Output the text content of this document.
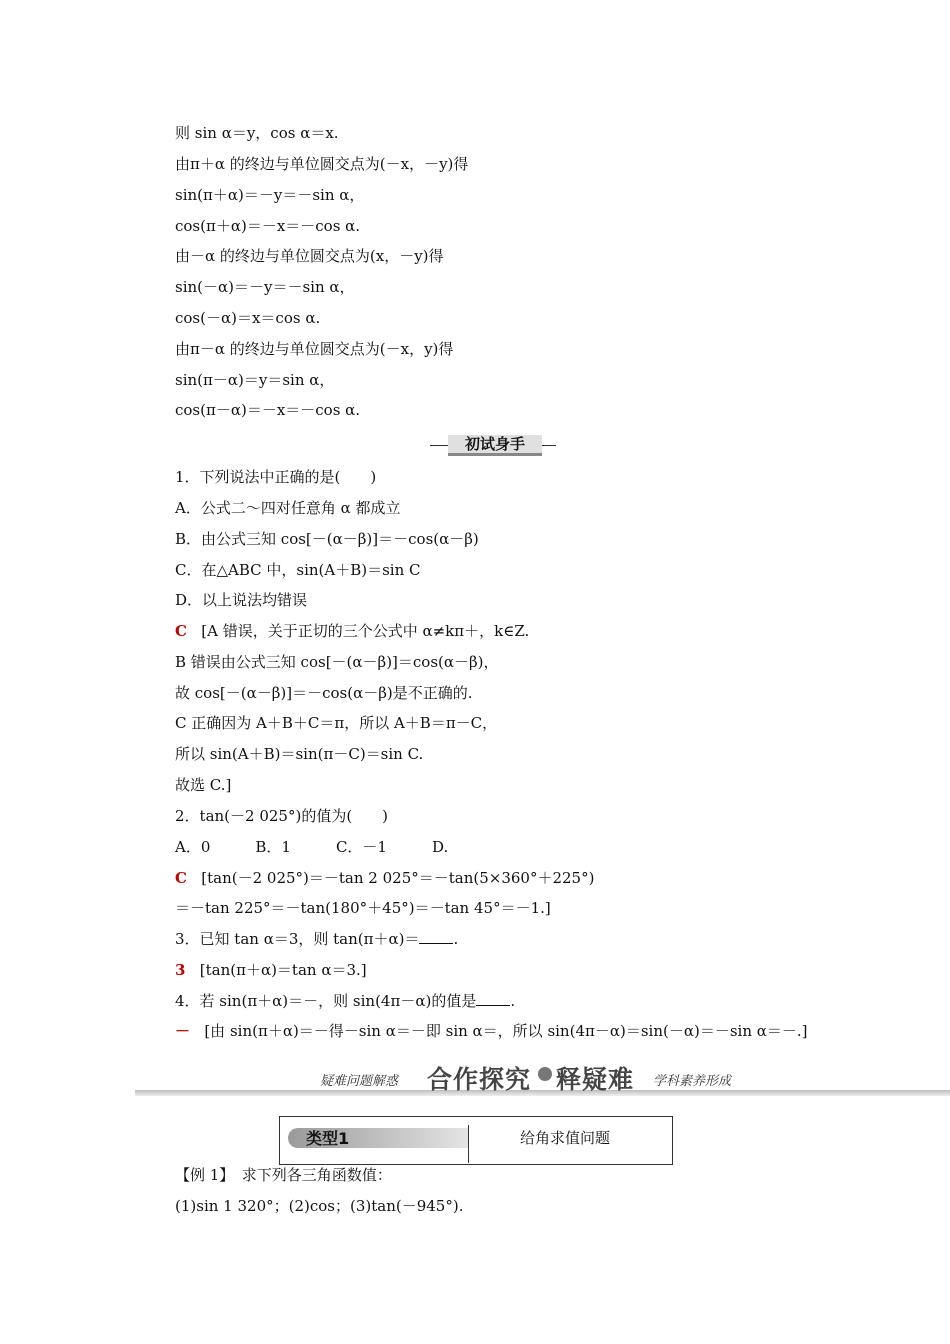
则 sin α＝y，cos α＝x.
由π＋α 的终边与单位圆交点为(－x，－y)得
sin(π＋α)＝－y＝－sin α，
cos(π＋α)＝－x＝－cos α.
由－α 的终边与单位圆交点为(x，－y)得
sin(－α)＝－y＝－sin α，
cos(－α)＝x＝cos α.
由π－α 的终边与单位圆交点为(－x，y)得
sin(π－α)＝y＝sin α，
cos(π－α)＝－x＝－cos α.
初试身手
1．下列说法中正确的是(　　)
A．公式二～四对任意角 α 都成立
B．由公式三知 cos[－(α－β)]＝－cos(α－β)
C．在△ABC 中，sin(A＋B)＝sin C
D．以上说法均错误
C [A 错误，关于正切的三个公式中 α≠kπ＋，k∈Z.
B 错误由公式三知 cos[－(α－β)]＝cos(α－β)，
故 cos[－(α－β)]＝－cos(α－β)是不正确的.
C 正确因为 A＋B＋C＝π，所以 A＋B＝π－C，
所以 sin(A＋B)＝sin(π－C)＝sin C.
故选 C.]
2．tan(－2 025°)的值为(　　)
A．0　　　B．1　　　C．－1　　　D.
C [tan(－2 025°)＝－tan 2 025°＝－tan(5×360°＋225°)
＝－tan 225°＝－tan(180°＋45°)＝－tan 45°＝－1.]
3．已知 tan α＝3，则 tan(π＋α)＝ .
3 [tan(π＋α)＝tan α＝3.]
4．若 sin(π＋α)＝－，则 sin(4π－α)的值是 .
－ [由 sin(π＋α)＝－得－sin α＝－即 sin α＝，所以 sin(4π－α)＝sin(－α)＝－sin α＝－.]
疑难问题解惑 合作探究 释疑难 学科素养形成
类型1	给角求值问题
【例 1】　求下列各三角函数值：
(1)sin 1 320°；(2)cos；(3)tan(－945°).
